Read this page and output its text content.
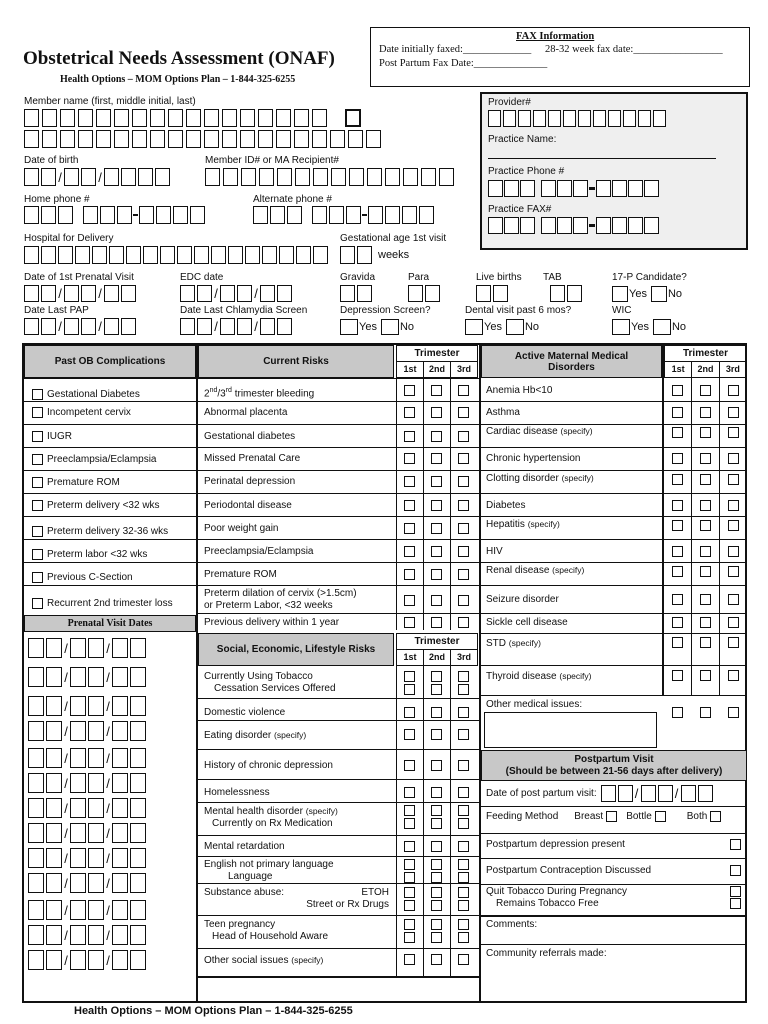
Obstetrical Needs Assessment (ONAF)
Health Options – MOM Options Plan – 1-844-325-6255
FAX Information
Date initially faxed:_____________ 28-32 week fax date:_________________
Post Partum Fax Date:______________
Member name (first, middle initial, last)
Date of birth
/	/
Member ID# or MA Recipient#
Home phone #	Alternate phone #
Hospital for Delivery	Gestational age 1st visit
weeks
Provider#
Practice Name:
Practice Phone #
Practice FAX#
Date of 1st Prenatal Visit
/	/
EDC date
/	/
Gravida	Para	Live births TAB	17-P Candidate?
Yes No
Date Last PAP
/	/
Date Last Chlamydia Screen
/	/
Depression Screen?
Yes No
Dental visit past 6 mos?
Yes No
WIC
Yes No
Past OB Complications	Current Risks
Trimester
1st	2nd	3rd
Active Maternal Medical Disorders
Trimester
1st	2nd	3rd
Gestational Diabetes
Incompetent cervix
IUGR
Preeclampsia/Eclampsia
Premature ROM
Preterm delivery <32 wks
Preterm delivery 32-36 wks
Preterm labor <32 wks
Previous C-Section
Recurrent 2nd trimester loss
Prenatal Visit Dates
/	/
/	/
/	/
/	/
/	/
/	/
/	/
/	/
/	/
/	/
/	/
/	/
/	/
2nd/3rd trimester bleeding
Abnormal placenta
Gestational diabetes
Missed Prenatal Care
Perinatal depression
Periodontal disease
Poor weight gain
Preeclampsia/Eclampsia
Premature ROM
Preterm dilation of cervix (>1.5cm)
or Preterm Labor, <32 weeks
Previous delivery within 1 year
Social, Economic, Lifestyle Risks
Trimester
1st	2nd	3rd
Currently Using Tobacco
Cessation Services Offered
Domestic violence
Eating disorder (specify)
History of chronic depression
Homelessness
Mental health disorder (specify)
Currently on Rx Medication
Mental retardation
English not primary language
Language
Substance abuse:	ETOH
Street or Rx Drugs
Teen pregnancy
Head of Household Aware
Other social issues (specify)
Anemia Hb<10
Asthma
Cardiac disease (specify)
Chronic hypertension
Clotting disorder (specify)
Diabetes
Hepatitis (specify)
HIV
Renal disease (specify)
Seizure disorder
Sickle cell disease
STD (specify)
Thyroid disease (specify)
Other medical issues:
Postpartum Visit
(Should be between 21-56 days after delivery)
Date of post partum visit:	/	/
Feeding Method Breast Bottle	Both
Postpartum depression present
Postpartum Contraception Discussed
Quit Tobacco During Pregnancy
Remains Tobacco Free
Comments:
Community referrals made:
Health Options – MOM Options Plan – 1-844-325-6255
